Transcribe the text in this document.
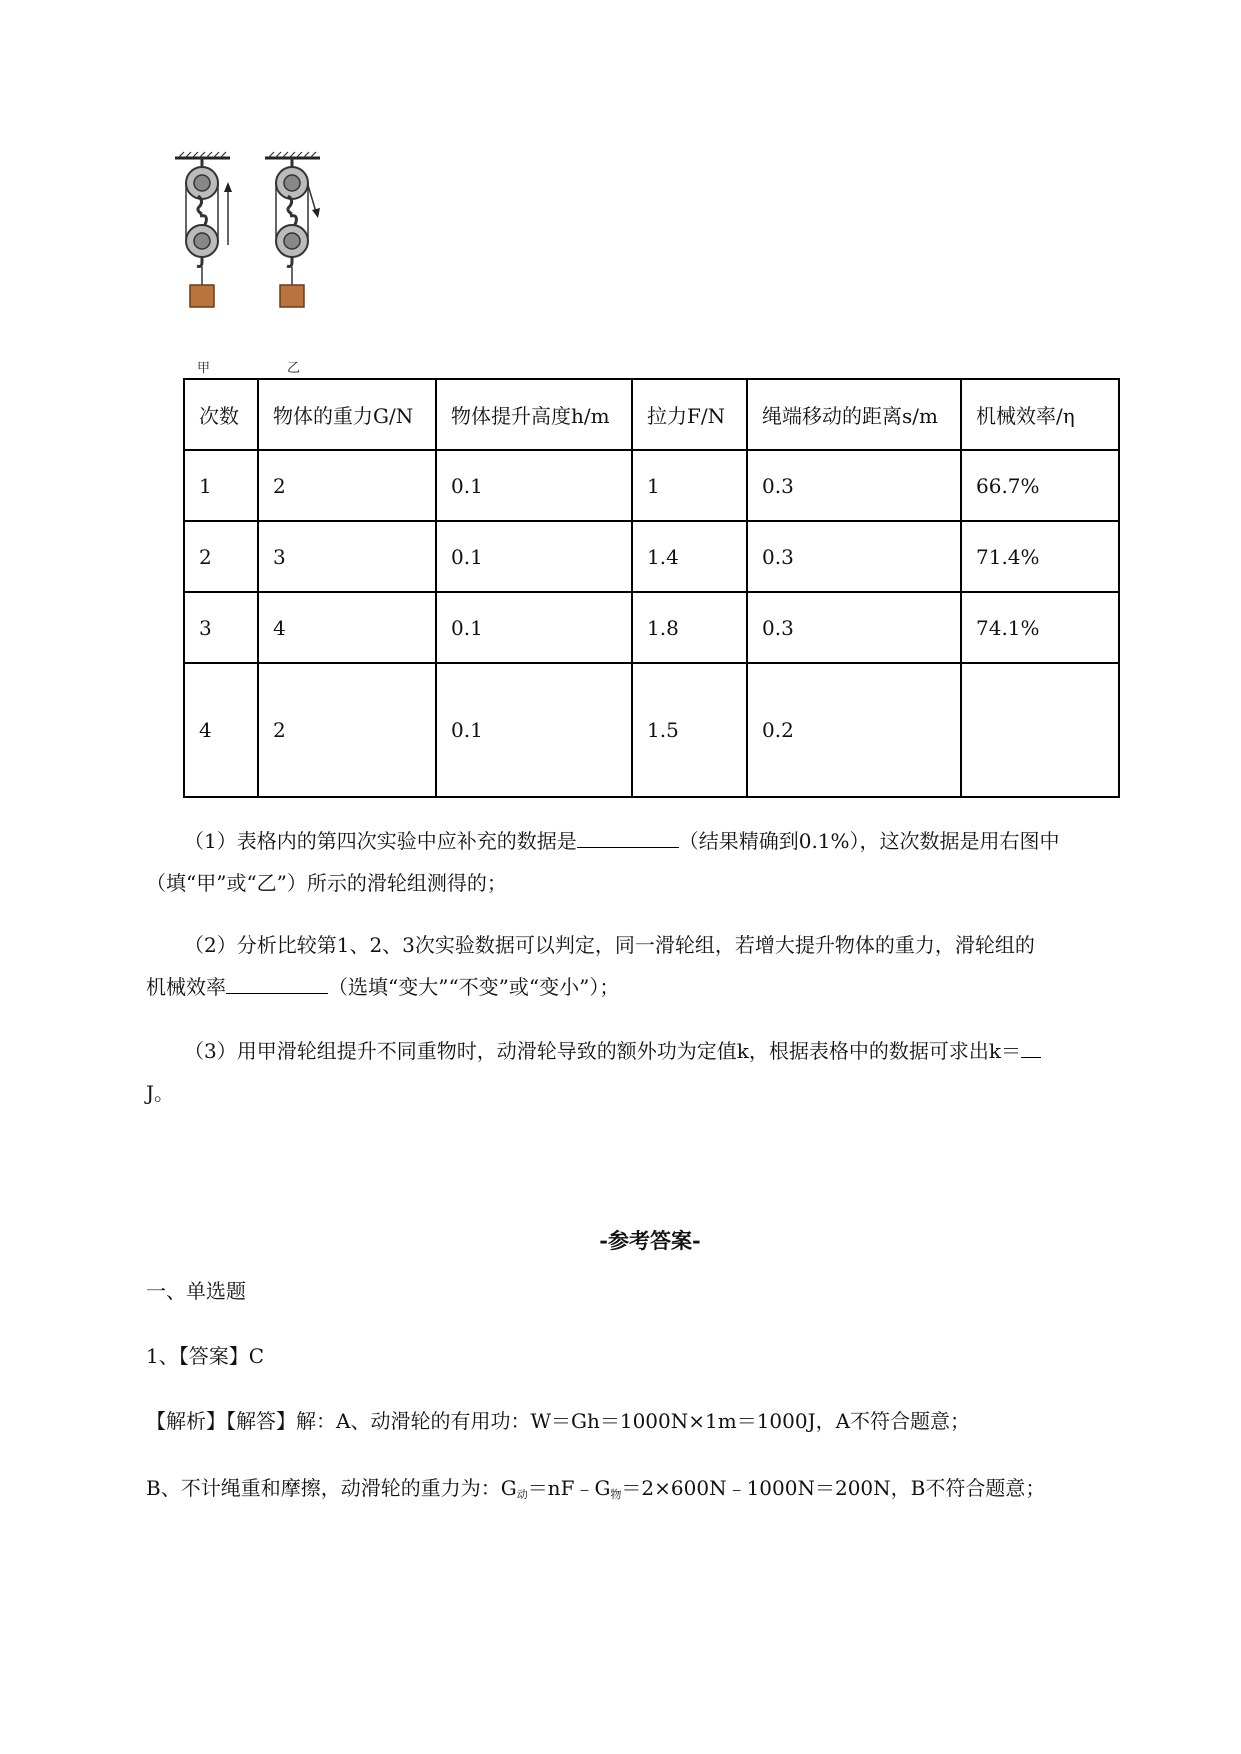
甲	乙
次数	物体的重力G/N	物体提升高度h/m	拉力F/N	绳端移动的距离s/m	机械效率/η
1	2	0.1	1	0.3	66.7%
2	3	0.1	1.4	0.3	71.4%
3	4	0.1	1.8	0.3	74.1%
4	2	0.1	1.5	0.2	
（1）表格内的第四次实验中应补充的数据是	（结果精确到0.1%），这次数据是用右图中
（填“甲”或“乙”）所示的滑轮组测得的；
（2）分析比较第1、2、3次实验数据可以判定，同一滑轮组，若增大提升物体的重力，滑轮组的
机械效率	（选填“变大”“不变”或“变小”）；
（3）用甲滑轮组提升不同重物时，动滑轮导致的额外功为定值k，根据表格中的数据可求出k＝
J。
-参考答案-
一、单选题
1、【答案】C
【解析】【解答】解：A、动滑轮的有用功：W＝Gh＝1000N×1m＝1000J，A不符合题意；
B、不计绳重和摩擦，动滑轮的重力为：$G_动=nF﹣G_物=2\times 600N﹣1000N=200N$，B不符合题意；
